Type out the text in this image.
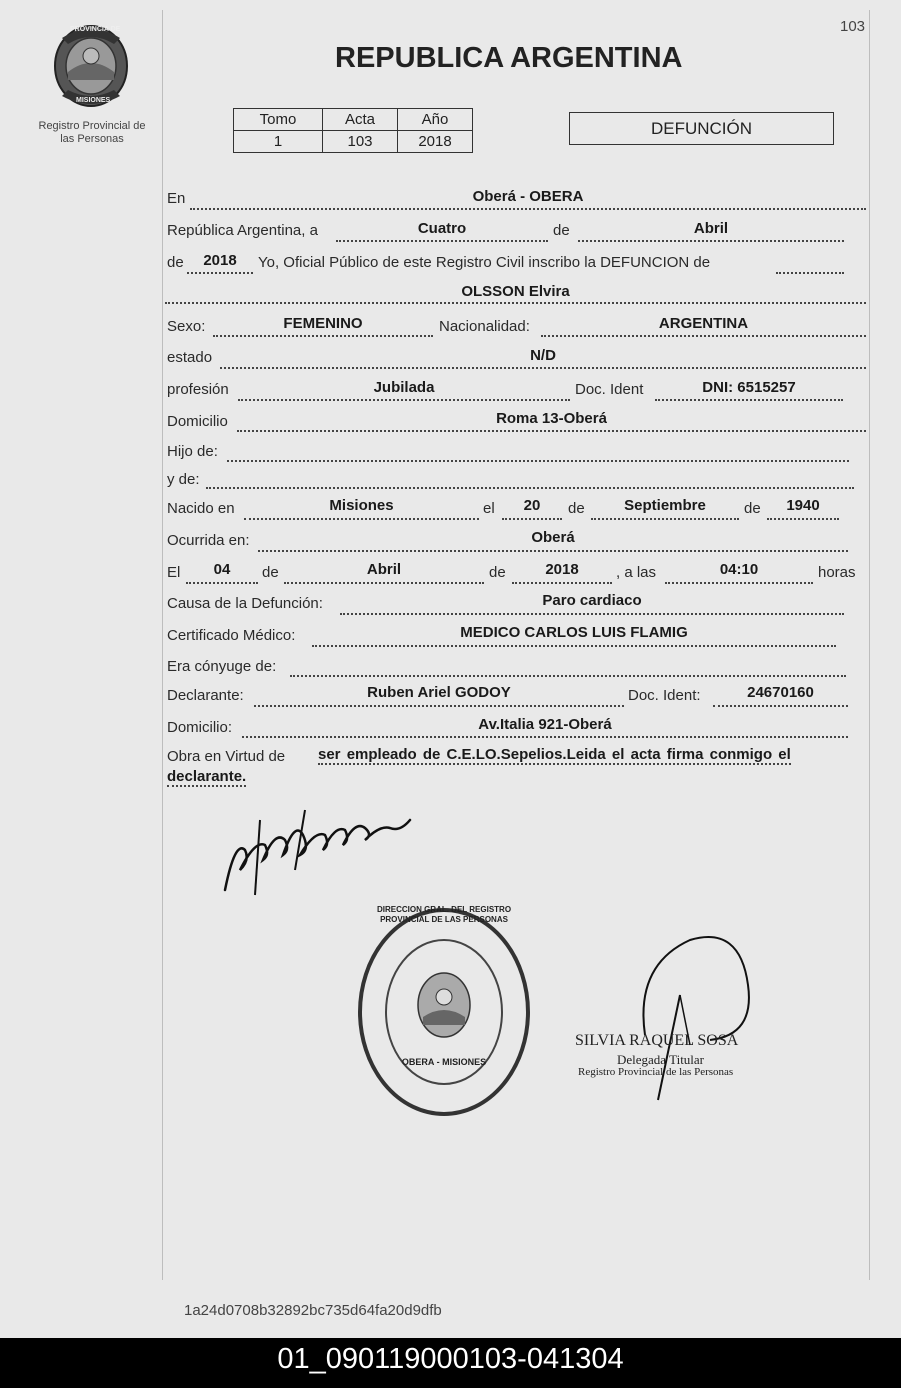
103
PROVINCIA DE
MISIONES
Registro Provincial de las Personas
REPUBLICA ARGENTINA
Tomo	Acta	Año
1	103	2018
DEFUNCIÓN
En	Oberá - OBERA
República Argentina, a	Cuatro	de	Abril
de	2018	Yo, Oficial Público de este Registro Civil inscribo la DEFUNCION de
OLSSON Elvira
Sexo:	FEMENINO	Nacionalidad:	ARGENTINA
estado	N/D
profesión	Jubilada	Doc. Ident	DNI: 6515257
Domicilio	Roma 13-Oberá
Hijo de:
y de:
Nacido en	Misiones	el	20	de	Septiembre	de	1940
Ocurrida en:	Oberá
El	04	de	Abril	de	2018	, a las	04:10	horas
Causa de la Defunción:	Paro cardiaco
Certificado Médico:	MEDICO CARLOS LUIS FLAMIG
Era cónyuge de:
Declarante:	Ruben Ariel GODOY	Doc. Ident:	24670160
Domicilio:	Av.Italia 921-Oberá
Obra en Virtud de ser empleado de C.E.LO.Sepelios.Leida el acta firma conmigo el
declarante.
DIRECCION GRAL. DEL REGISTRO PROVINCIAL DE LAS PERSONAS
OBERA - MISIONES
SILVIA RAQUEL SOSA
Delegada Titular
Registro Provincial de las Personas
1a24d0708b32892bc735d64fa20d9dfb
01_090119000103-041304
